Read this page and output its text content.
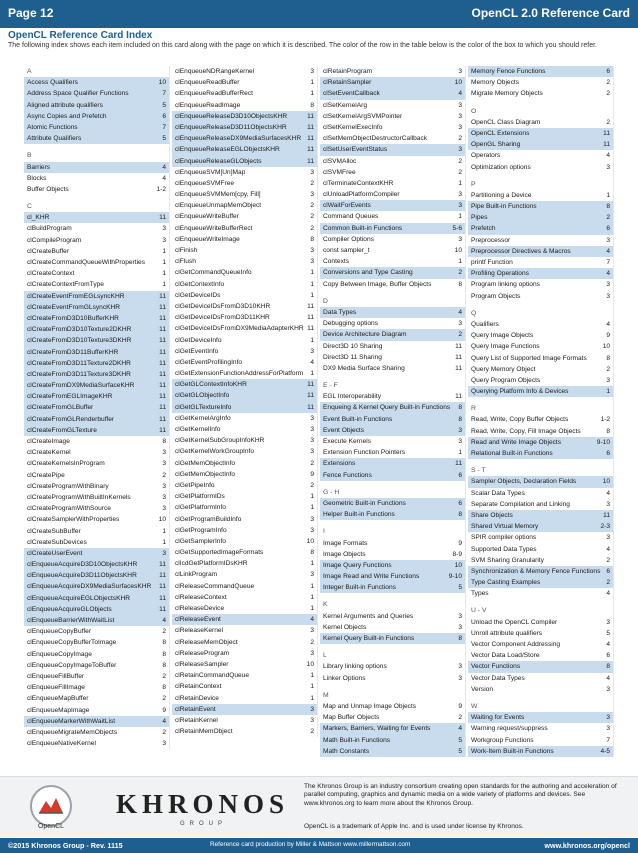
Page 12	OpenCL 2.0 Reference Card
OpenCL Reference Card Index
The following index shows each item included on this card along with the page on which it is described. The color of the row in the table below is the color of the box to which you should refer.
A
Access Qualifiers	10
Address Space Qualifier Functions	7
Aligned attribute qualifiers	5
Async Copies and Prefetch	6
Atomic Functions	7
Attribute Qualifiers	5
B
Barriers	4
Blocks	4
Buffer Objects	1-2
C
cl_KHR	11
clBuildProgram	3
clCompileProgram	3
clCreateBuffer	1
clCreateCommandQueueWithProperties	1
clCreateContext	1
clCreateContextFromType	1
clCreateEventFromEGLsyncKHR	11
clCreateEventFromGLsyncKHR	11
clCreateFromD3D10BufferKHR	11
clCreateFromD3D10Texture2DKHR	11
clCreateFromD3D10Texture3DKHR	11
clCreateFromD3D11BufferKHR	11
clCreateFromD3D11Texture2DKHR	11
clCreateFromD3D11Texture3DKHR	11
clCreateFromDX9MediaSurfaceKHR	11
clCreateFromEGLImageKHR	11
clCreateFromGLBuffer	11
clCreateFromGLRenderbuffer	11
clCreateFromGLTexture	11
clCreateImage	8
clCreateKernel	3
clCreateKernelsInProgram	3
clCreatePipe	2
clCreateProgramWithBinary	3
clCreateProgramWithBuiltInKernels	3
clCreateProgramWithSource	3
clCreateSamplerWithProperties	10
clCreateSubBuffer	1
clCreateSubDevices	1
clCreateUserEvent	3
clEnqueueAcquireD3D10ObjectsKHR	11
clEnqueueAcquireD3D11ObjectsKHR	11
clEnqueueAcquireDX9MediaSurfacesKHR 11
clEnqueueAcquireEGLObjectsKHR	11
clEnqueueAcquireGLObjects	11
clEnqueueBarrierWithWaitList	4
clEnqueueCopyBuffer	2
clEnqueueCopyBufferToImage	8
clEnqueueCopyImage	8
clEnqueueCopyImageToBuffer	8
clEnqueueFillBuffer	2
clEnqueueFillImage	8
clEnqueueMapBuffer	2
clEnqueueMapImage	9
clEnqueueMarkerWithWaitList	4
clEnqueueMigrateMemObjects	2
clEnqueueNativeKernel	3
clEnqueueNDRangeKernel	3
clEnqueueReadBuffer	1
clEnqueueReadBufferRect	1
clEnqueueReadImage	8
clEnqueueReleaseD3D10ObjectsKHR	11
clEnqueueReleaseD3D11ObjectsKHR	11
clEnqueueReleaseDX9MediaSurfacesKHR 11
clEnqueueReleaseEGLObjectsKHR	11
clEnqueueReleaseGLObjects	11
clEnqueueSVM[Un]Map	3
clEnqueueSVMFree	2
clEnqueueSVMMem[cpy, Fill]	3
clEnqueueUnmapMemObject	2
clEnqueueWriteBuffer	2
clEnqueueWriteBufferRect	2
clEnqueueWriteImage	8
clFinish	3
clFlush	3
clGetCommandQueueInfo	1
clGetContextInfo	1
clGetDeviceIDs	1
clGetDeviceIDsFromD3D10KHR	11
clGetDeviceIDsFromD3D11KHR	11
clGetDeviceIDsFromDX9MediaAdapterKHR 11
clGetDeviceInfo	1
clGetEventInfo	3
clGetEventProfilingInfo	4
clGetExtensionFunctionAddressForPlatform 1
clGetGLContextInfoKHR	11
clGetGLObjectInfo	11
clGetGLTextureInfo	11
clGetKernelArgInfo	3
clGetKernelInfo	3
clGetKernelSubGroupInfoKHR	3
clGetKernelWorkGroupInfo	3
clGetMemObjectInfo	2
clGetMemObjectInfo	9
clGetPipeInfo	2
clGetPlatformIDs	1
clGetPlatformInfo	1
clGetProgramBuildInfo	3
clGetProgramInfo	3
clGetSamplerInfo	10
clGetSupportedImageFormats	8
clIcdGetPlatformIDsKHR	1
clLinkProgram	3
clReleaseCommandQueue	1
clReleaseContext	1
clReleaseDevice	1
clReleaseEvent	4
clReleaseKernel	3
clReleaseMemObject	2
clReleaseProgram	3
clReleaseSampler	10
clRetainCommandQueue	1
clRetainContext	1
clRetainDevice	1
clRetainEvent	3
clRetainKernel	3
clRetainMemObject	2
clRetainProgram	3
clRetainSampler	10
clSetEventCallback	4
clSetKernelArg	3
clSetKernelArgSVMPointer	3
clSetKernelExecInfo	3
clSetMemObjectDestructorCallback	2
clSetUserEventStatus	3
clSVMAlloc	2
clSVMFree	2
clTerminateContextKHR	1
clUnloadPlatformCompiler	3
clWaitForEvents	3
Command Queues	1
Common Built-in Functions	5-6
Compiler Options	3
const sampler_t	10
Contexts	1
Conversions and Type Casting	2
Copy Between Image, Buffer Objects	8
D
Data Types	4
Debugging options	3
Device Architecture Diagram	2
Direct3D 10 Sharing	11
Direct3D 11 Sharing	11
DX9 Media Surface Sharing	11
E - F
EGL Interoperability	11
Enqueing & Kernel Query Built-in Functions 8
Event Built-in Functions	8
Event Objects	3
Execute Kernels	3
Extension Function Pointers	1
Extensions	11
Fence Functions	6
G - H
Geometric Built-in Functions	6
Helper Built-in Functions	8
I
Image Formats	9
Image Objects	8-9
Image Query Functions	10
Image Read and Write Functions	9-10
Integer Built-in Functions	5
K
Kernel Arguments and Queries	3
Kernel Objects	3
Kernel Query Built-in Functions	8
L
Library linking options	3
Linker Options	3
M
Map and Unmap Image Objects	9
Map Buffer Objects	2
Markers, Barriers, Waiting for Events	4
Math Built-in Functions	5
Math Constants	5
Memory Fence Functions	6
Memory Objects	2
Migrate Memory Objects	2
O
OpenCL Class Diagram	2
OpenCL Extensions	11
OpenGL Sharing	11
Operators	4
Optimization options	3
P
Partitioning a Device	1
Pipe Built-in Functions	8
Pipes	2
Prefetch	6
Preprocessor	3
Preprocessor Directives & Macros	4
printf Function	7
Profiling Operations	4
Program linking options	3
Program Objects	3
Q
Qualifiers	4
Query Image Objects	9
Query Image Functions	10
Query List of Supported Image Formats	8
Query Memory Object	2
Query Program Objects	3
Querying Platform Info & Devices	1
R
Read, Write, Copy Buffer Objects	1-2
Read, Write, Copy, Fill Image Objects	8
Read and Write Image Objects	9-10
Relational Built-in Functions	6
S - T
Sampler Objects, Declaration Fields	10
Scalar Data Types	4
Separate Compilation and Linking	3
Share Objects	11
Shared Virtual Memory	2-3
SPIR compiler options	3
Supported Data Types	4
SVM Sharing Granularity	2
Synchronization & Memory Fence Functions 6
Type Casting Examples	2
Types	4
U - V
Unload the OpenCL Compiler	3
Unroll attribute qualifiers	5
Vector Component Addressing	4
Vector Data Load/Store	6
Vector Functions	8
Vector Data Types	4
Version	3
W
Waiting for Events	3
Warning request/suppress	3
Workgroup Functions	7
Work-Item Built-in Functions	4-5
OpenCL
KHRONOS
GROUP
The Khronos Group is an industry consortium creating open standards for the authoring and acceleration of parallel computing, graphics and dynamic media on a wide variety of platforms and devices. See www.khronos.org to learn more about the Khronos Group.
OpenCL is a trademark of Apple Inc. and is used under license by Khronos.
©2015 Khronos Group - Rev. 1115	Reference card production by Miller & Mattson www.millermattson.com	www.khronos.org/opencl
